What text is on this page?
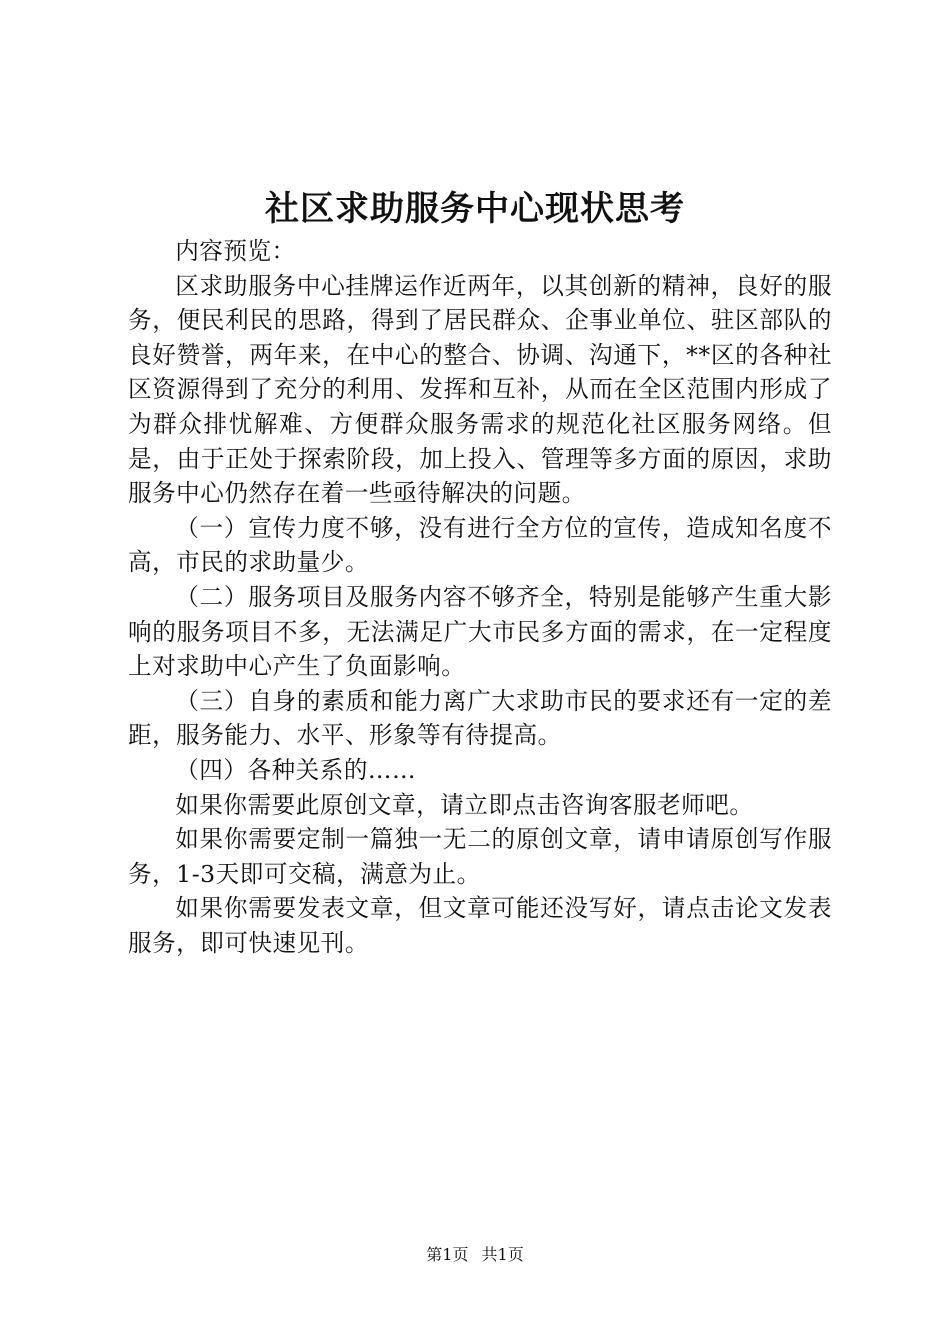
社区求助服务中心现状思考

内容预览：

区求助服务中心挂牌运作近两年，以其创新的精神，良好的服务，便民利民的思路，得到了居民群众、企事业单位、驻区部队的良好赞誉，两年来，在中心的整合、协调、沟通下，**区的各种社区资源得到了充分的利用、发挥和互补，从而在全区范围内形成了为群众排忧解难、方便群众服务需求的规范化社区服务网络。但是，由于正处于探索阶段，加上投入、管理等多方面的原因，求助服务中心仍然存在着一些亟待解决的问题。

（一）宣传力度不够，没有进行全方位的宣传，造成知名度不高，市民的求助量少。

（二）服务项目及服务内容不够齐全，特别是能够产生重大影响的服务项目不多，无法满足广大市民多方面的需求，在一定程度上对求助中心产生了负面影响。

（三）自身的素质和能力离广大求助市民的要求还有一定的差距，服务能力、水平、形象等有待提高。

（四）各种关系的……

如果你需要此原创文章，请立即点击咨询客服老师吧。

如果你需要定制一篇独一无二的原创文章，请申请原创写作服务，1-3天即可交稿，满意为止。

如果你需要发表文章，但文章可能还没写好，请点击论文发表服务，即可快速见刊。

第1页 共1页
